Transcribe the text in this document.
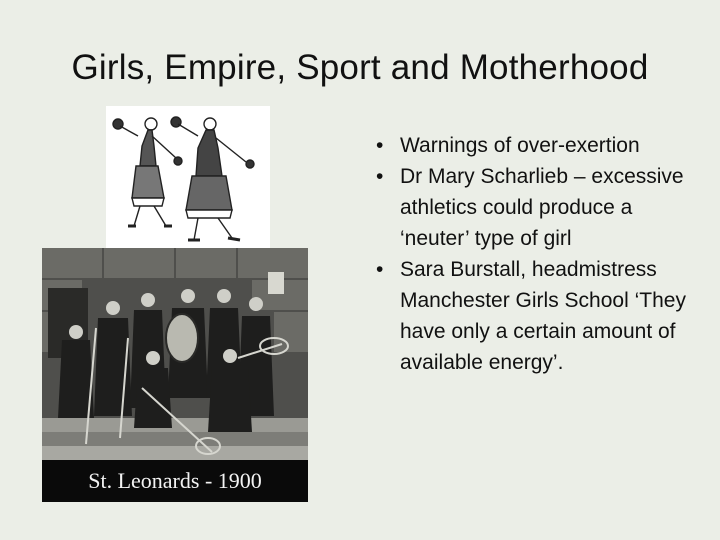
Girls, Empire, Sport and Motherhood
St. Leonards - 1900
• Warnings of over-exertion
• Dr Mary Scharlieb – excessive athletics could produce a ‘neuter’ type of girl
• Sara Burstall, headmistress Manchester Girls School ‘They have only a certain amount of available energy’.
